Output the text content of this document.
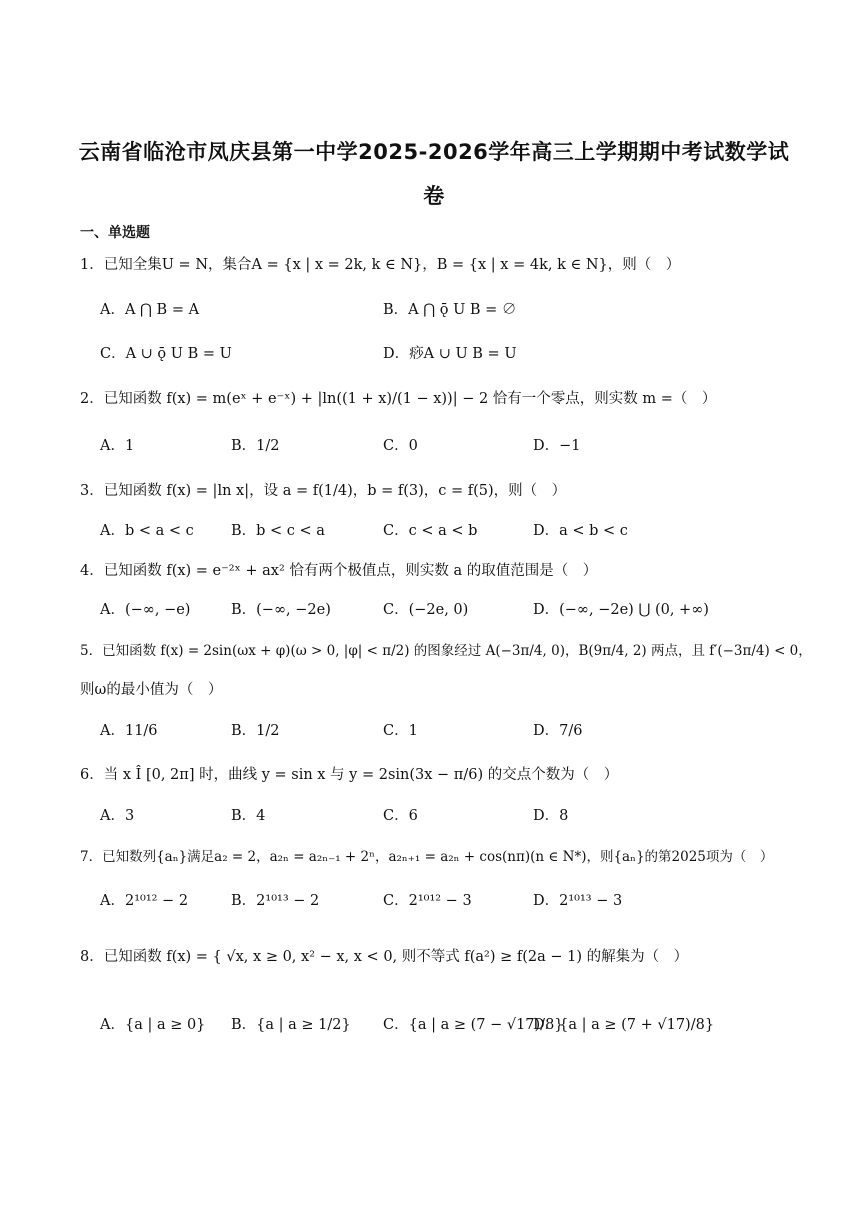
云南省临沧市凤庆县第一中学2025-2026学年高三上学期期中考试数学试
卷
一、单选题
1．已知全集U = N，集合A = {x | x = 2k, k ∈ N}，B = {x | x = 4k, k ∈ N}，则（　）
A．A ⋂ B = A	B．A ⋂ ǭ U B = ∅
C．A ∪ ǭ U B = U	D．痧A ∪ U B = U
2．已知函数 f(x) = m(eˣ + e⁻ˣ) + |ln((1 + x)/(1 − x))| − 2 恰有一个零点，则实数 m =（　）
A．1	B．1/2	C．0	D．−1
3．已知函数 f(x) = |ln x|，设 a = f(1/4)，b = f(3)，c = f(5)，则（　）
A．b < a < c	B．b < c < a	C．c < a < b	D．a < b < c
4．已知函数 f(x) = e⁻²ˣ + ax² 恰有两个极值点，则实数 a 的取值范围是（　）
A．(−∞, −e)	B．(−∞, −2e)	C．(−2e, 0)	D．(−∞, −2e) ⋃ (0, +∞)
5．已知函数 f(x) = 2sin(ωx + φ)(ω > 0, |φ| < π/2) 的图象经过 A(−3π/4, 0)，B(9π/4, 2) 两点，且 f′(−3π/4) < 0，
则ω的最小值为（　）
A．11/6	B．1/2	C．1	D．7/6
6．当 x Î [0, 2π] 时，曲线 y = sin x 与 y = 2sin(3x − π/6) 的交点个数为（　）
A．3	B．4	C．6	D．8
7．已知数列{aₙ}满足a₂ = 2，a₂ₙ = a₂ₙ₋₁ + 2ⁿ，a₂ₙ₊₁ = a₂ₙ + cos(nπ)(n ∈ N*)，则{aₙ}的第2025项为（　）
A．2¹⁰¹² − 2	B．2¹⁰¹³ − 2	C．2¹⁰¹² − 3	D．2¹⁰¹³ − 3
8．已知函数 f(x) = { √x, x ≥ 0, x² − x, x < 0, 则不等式 f(a²) ≥ f(2a − 1) 的解集为（　）
A．{a | a ≥ 0} B．{a | a ≥ 1/2} C．{a | a ≥ (7 − √17)/8}
D．{a | a ≥ (7 + √17)/8}
